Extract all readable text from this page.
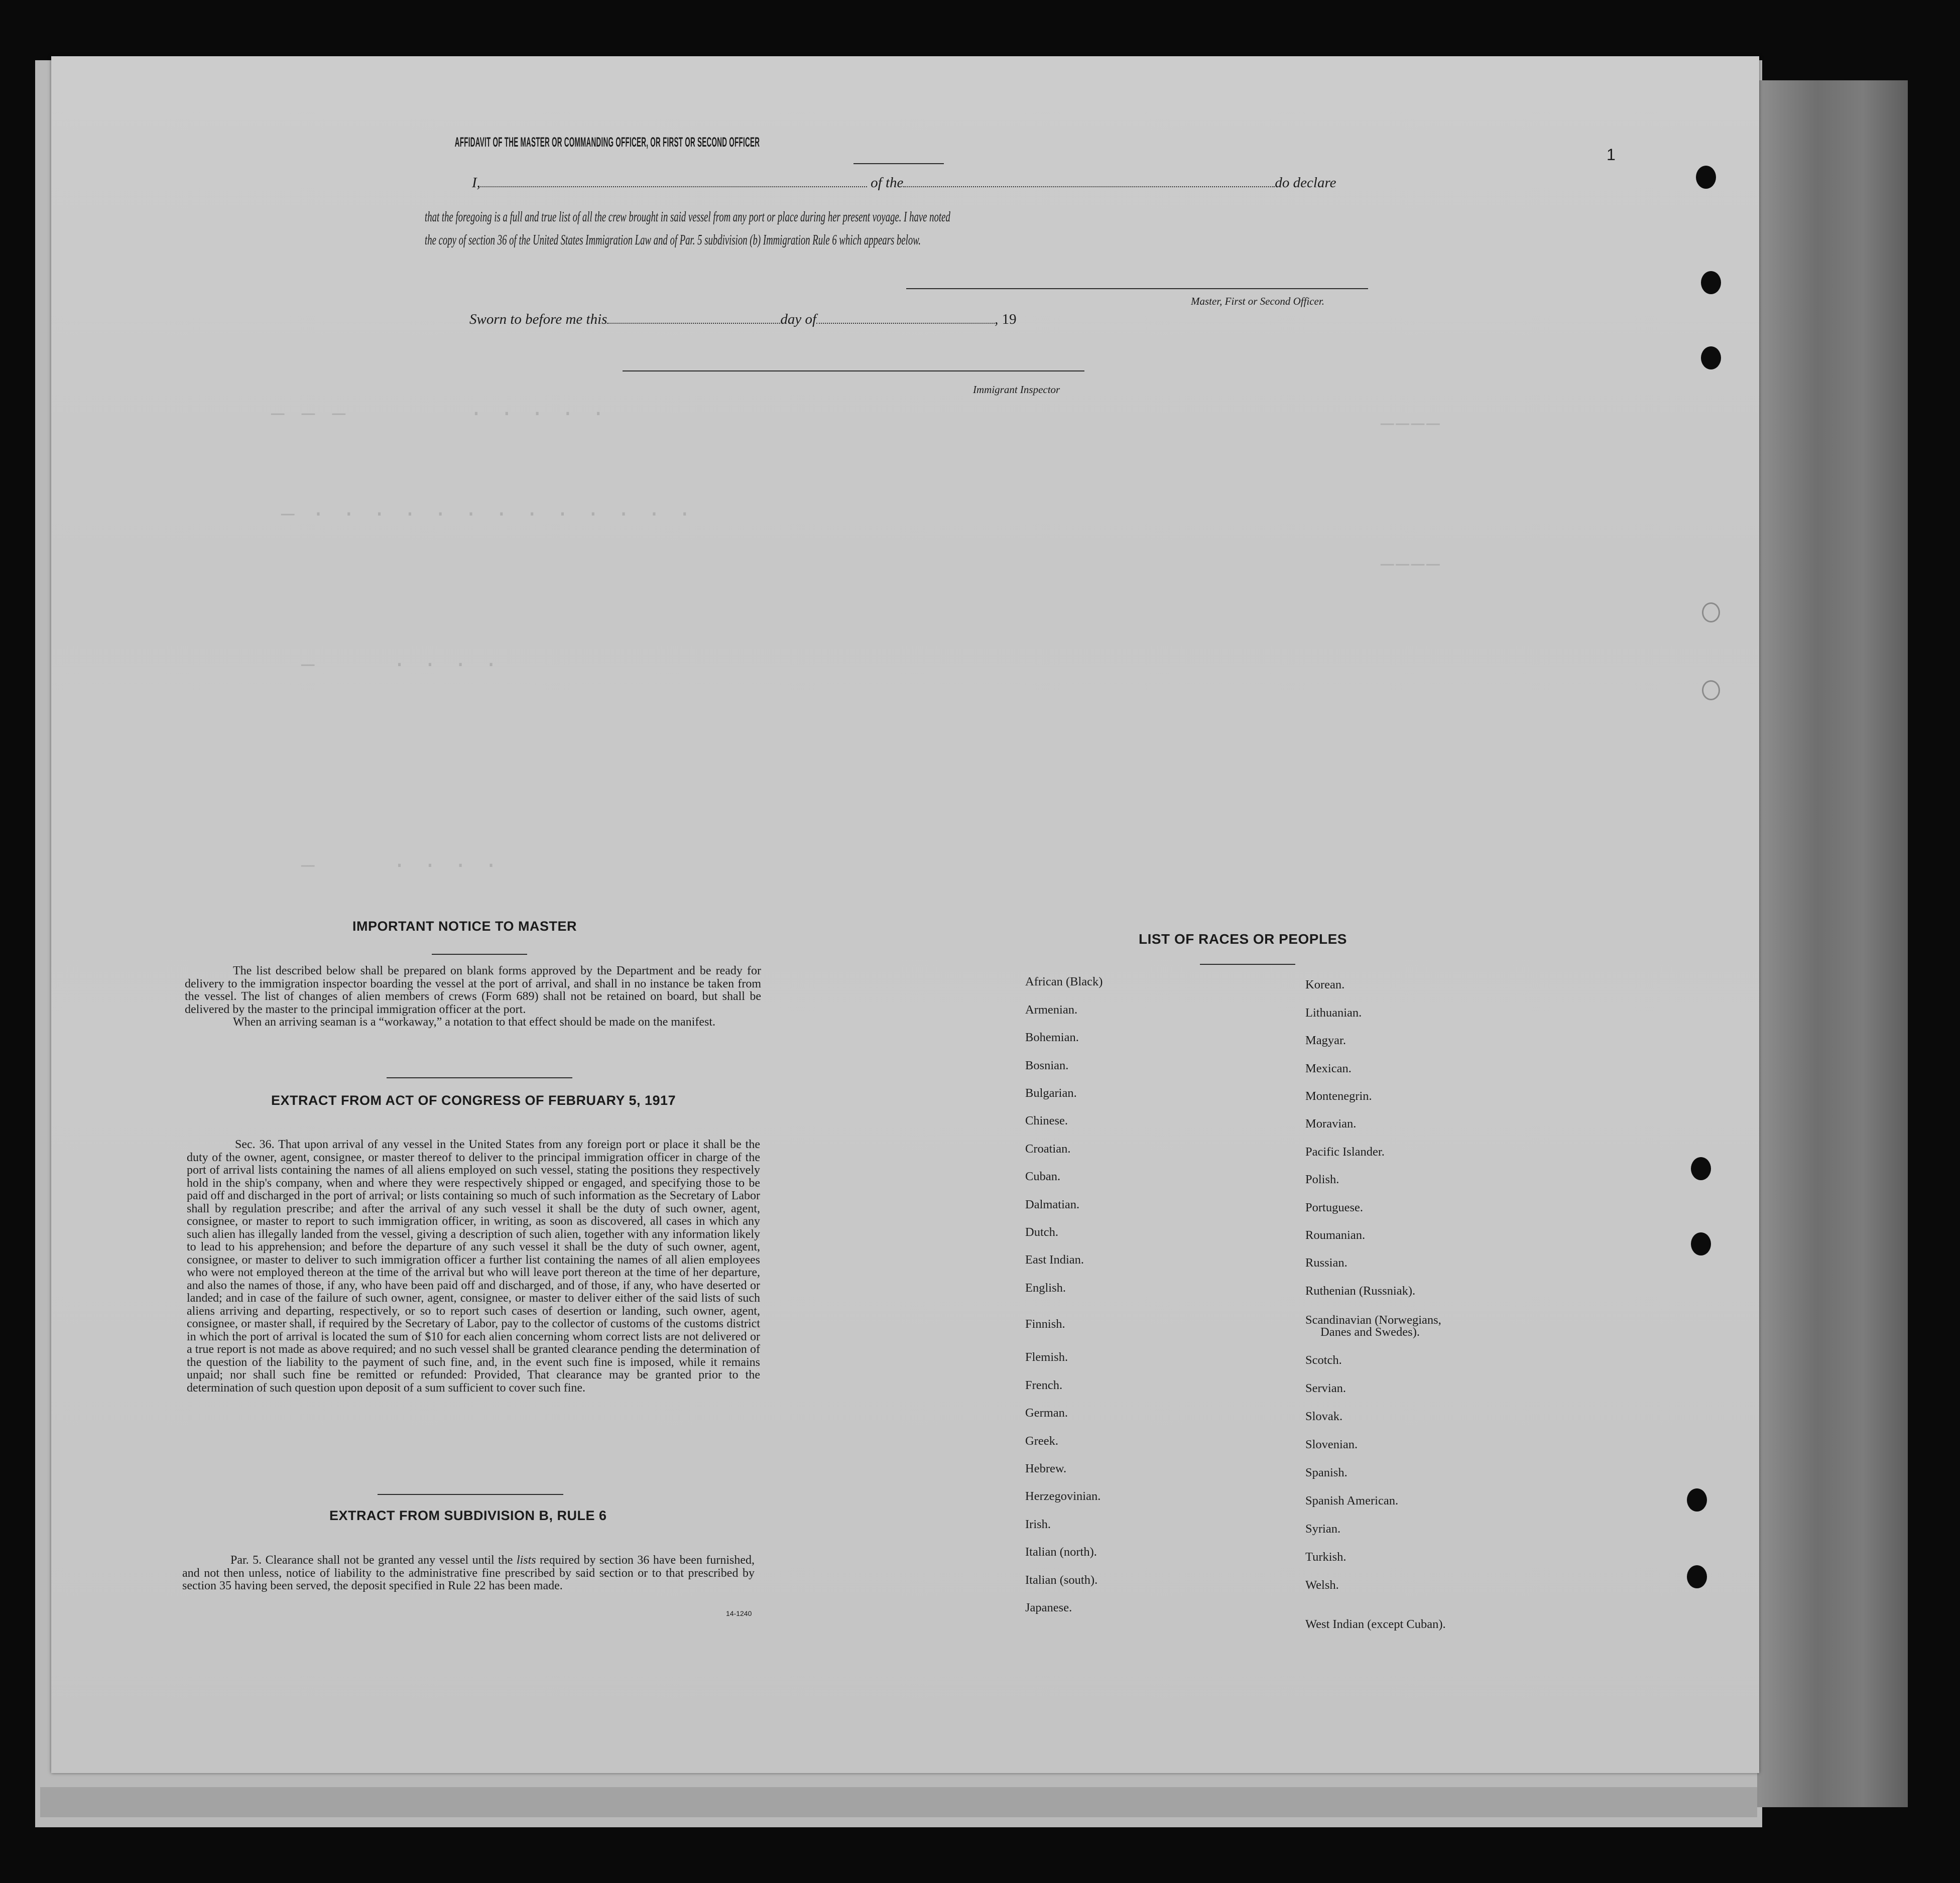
— — —        · · · · ·
— · · · · · · · · · · · · ·
—     · · · ·
————
————
—     · · · ·
1
AFFIDAVIT OF THE MASTER OR COMMANDING OFFICER, OR FIRST OR SECOND OFFICER
I,	of the	do declare
that the foregoing is a full and true list of all the crew brought in said vessel from any port or place during her present voyage. I have noted
the copy of section 36 of the United States Immigration Law and of Par. 5 subdivision (b) Immigration Rule 6 which appears below.
Master, First or Second Officer.
Sworn to before me this	day of	, 19
Immigrant Inspector
IMPORTANT NOTICE TO MASTER

The list described below shall be prepared on blank forms approved by the Department and be ready for delivery to the immigration inspector boarding the vessel at the port of arrival, and shall in no instance be taken from the vessel. The list of changes of alien members of crews (Form 689) shall not be retained on board, but shall be delivered by the master to the principal immigration officer at the port.

When an arriving seaman is a “workaway,” a notation to that effect should be made on the manifest.

EXTRACT FROM ACT OF CONGRESS OF FEBRUARY 5, 1917

Sec. 36. That upon arrival of any vessel in the United States from any foreign port or place it shall be the duty of the owner, agent, consignee, or master thereof to deliver to the principal immigration officer in charge of the port of arrival lists containing the names of all aliens employed on such vessel, stating the positions they respectively hold in the ship's company, when and where they were respectively shipped or engaged, and specifying those to be paid off and discharged in the port of arrival; or lists containing so much of such information as the Secretary of Labor shall by regulation prescribe; and after the arrival of any such vessel it shall be the duty of such owner, agent, consignee, or master to report to such immigration officer, in writing, as soon as discovered, all cases in which any such alien has illegally landed from the vessel, giving a description of such alien, together with any information likely to lead to his apprehension; and before the departure of any such vessel it shall be the duty of such owner, agent, consignee, or master to deliver to such immigration officer a further list containing the names of all alien employees who were not employed thereon at the time of the arrival but who will leave port thereon at the time of her departure, and also the names of those, if any, who have been paid off and discharged, and of those, if any, who have deserted or landed; and in case of the failure of such owner, agent, consignee, or master to deliver either of the said lists of such aliens arriving and departing, respectively, or so to report such cases of desertion or landing, such owner, agent, consignee, or master shall, if required by the Secretary of Labor, pay to the collector of customs of the customs district in which the port of arrival is located the sum of $10 for each alien concerning whom correct lists are not delivered or a true report is not made as above required; and no such vessel shall be granted clearance pending the determination of the question of the liability to the payment of such fine, and, in the event such fine is imposed, while it remains unpaid; nor shall such fine be remitted or refunded: Provided, That clearance may be granted prior to the determination of such question upon deposit of a sum sufficient to cover such fine.

EXTRACT FROM SUBDIVISION B, RULE 6

Par. 5. Clearance shall not be granted any vessel until the lists required by section 36 have been furnished, and not then unless, notice of liability to the administrative fine prescribed by said section or to that prescribed by section 35 having been served, the deposit specified in Rule 22 has been made.

14-1240
LIST OF RACES OR PEOPLES
African (Black)
Armenian.
Bohemian.
Bosnian.
Bulgarian.
Chinese.
Croatian.
Cuban.
Dalmatian.
Dutch.
East Indian.
English.
Finnish.
Flemish.
French.
German.
Greek.
Hebrew.
Herzegovinian.
Irish.
Italian (north).
Italian (south).
Japanese.
Korean.
Lithuanian.
Magyar.
Mexican.
Montenegrin.
Moravian.
Pacific Islander.
Polish.
Portuguese.
Roumanian.
Russian.
Ruthenian (Russniak).
Scandinavian (Norwegians,
Danes and Swedes).
Scotch.
Servian.
Slovak.
Slovenian.
Spanish.
Spanish American.
Syrian.
Turkish.
Welsh.
West Indian (except Cuban).
